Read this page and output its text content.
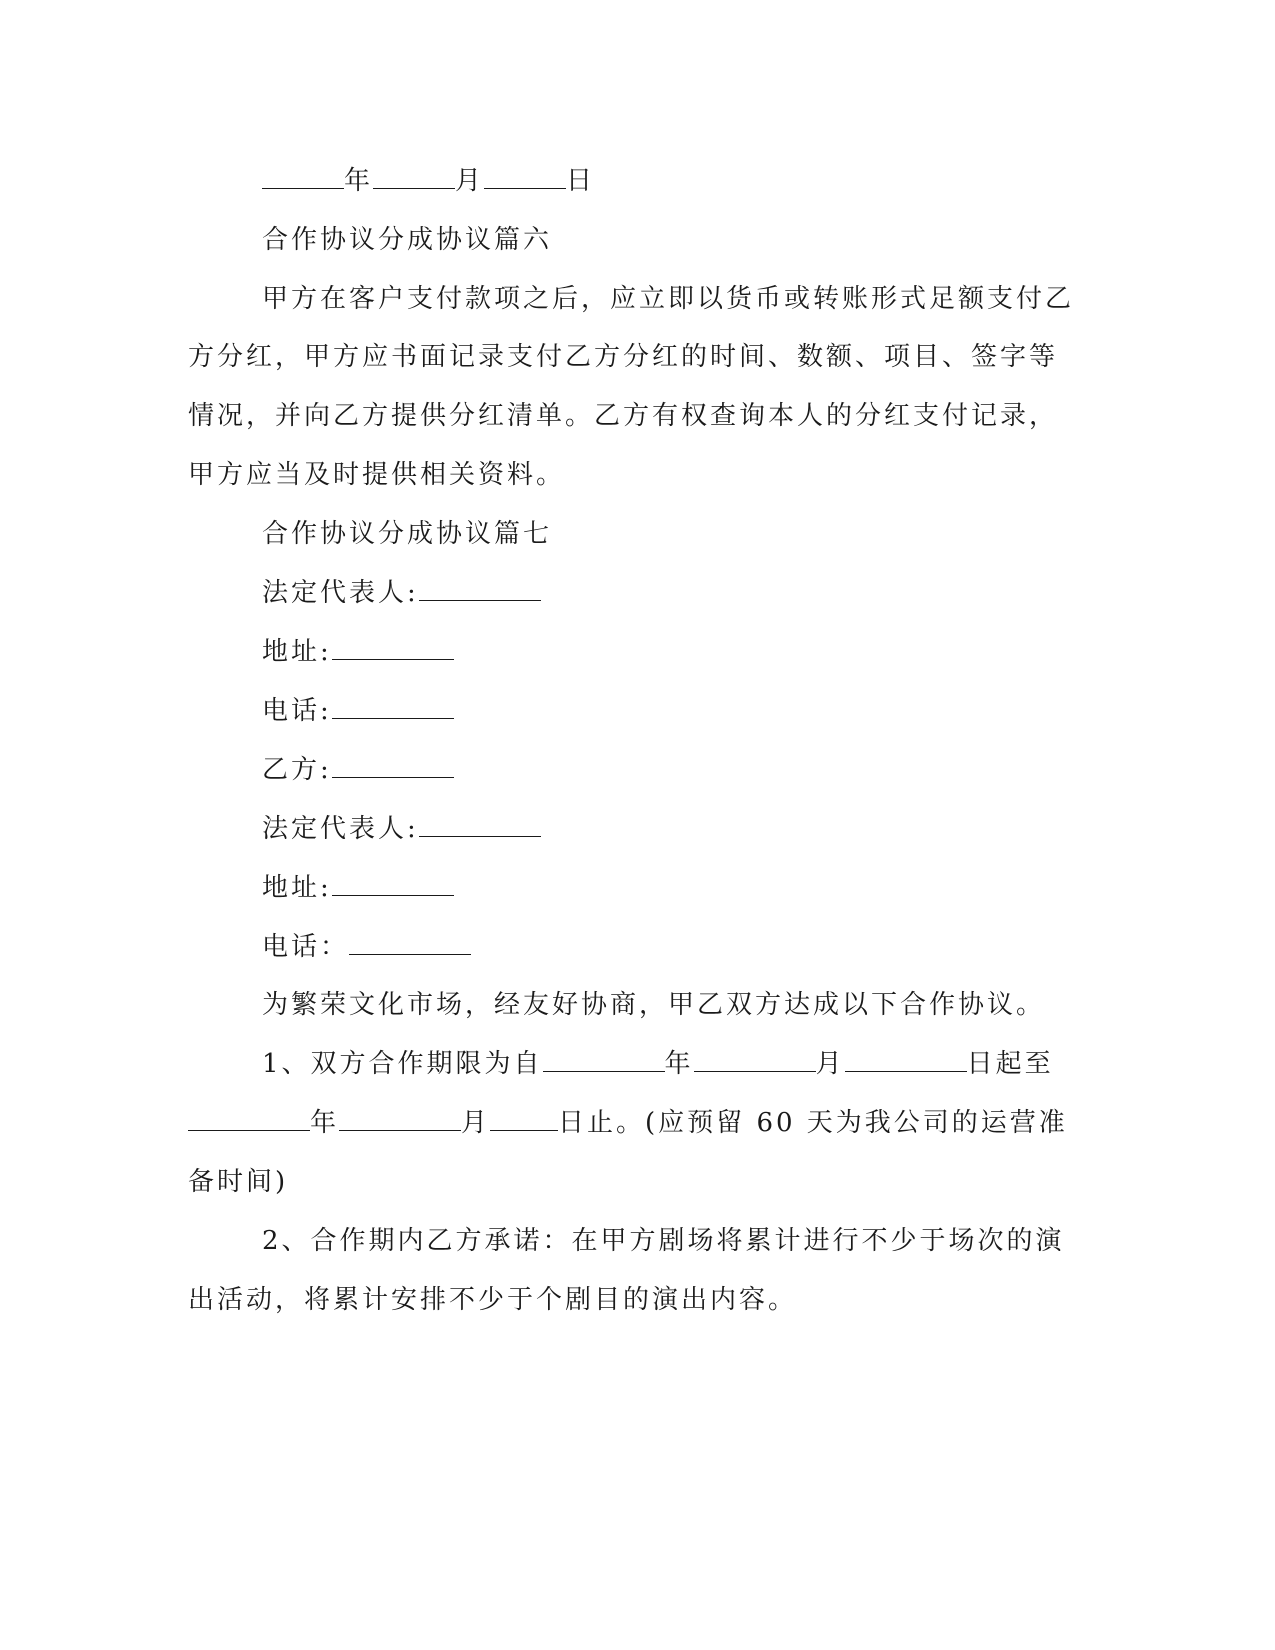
年	月	日
合作协议分成协议篇六
甲方在客户支付款项之后，应立即以货币或转账形式足额支付乙
方分红，甲方应书面记录支付乙方分红的时间、数额、项目、签字等
情况，并向乙方提供分红清单。乙方有权查询本人的分红支付记录，
甲方应当及时提供相关资料。
合作协议分成协议篇七
法定代表人:
地址:
电话:
乙方:
法定代表人:
地址:
电话：
为繁荣文化市场，经友好协商，甲乙双方达成以下合作协议。
1、双方合作期限为自	年	月	日起至
年	月	日止。(应预留 60 天为我公司的运营准
备时间)
2、合作期内乙方承诺：在甲方剧场将累计进行不少于场次的演
出活动，将累计安排不少于个剧目的演出内容。
